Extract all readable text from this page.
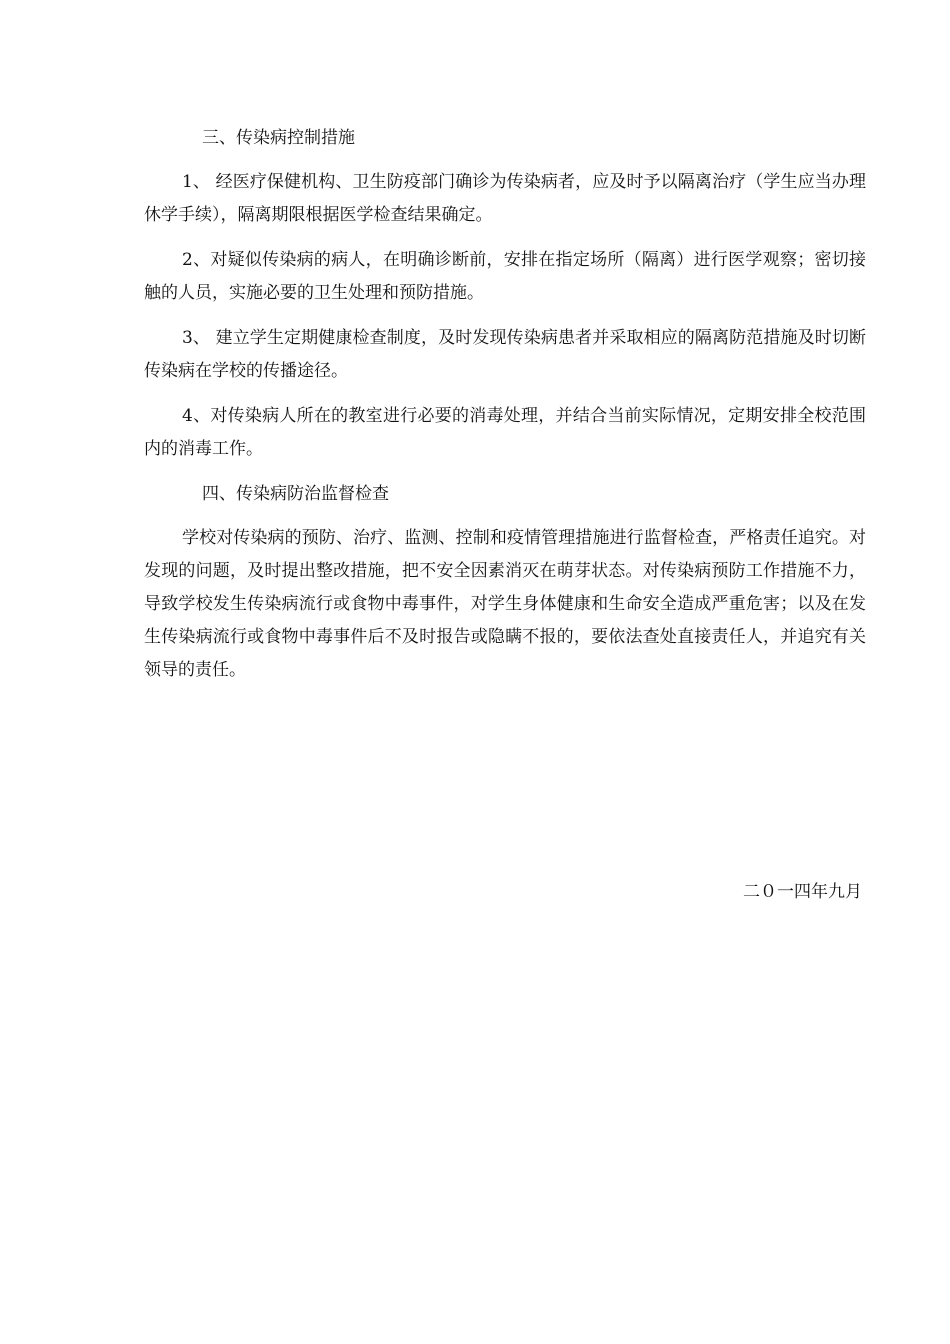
三、传染病控制措施

1、 经医疗保健机构、卫生防疫部门确诊为传染病者，应及时予以隔离治疗（学生应当办理休学手续），隔离期限根据医学检查结果确定。

2、对疑似传染病的病人，在明确诊断前，安排在指定场所（隔离）进行医学观察；密切接触的人员，实施必要的卫生处理和预防措施。

3、 建立学生定期健康检查制度，及时发现传染病患者并采取相应的隔离防范措施及时切断传染病在学校的传播途径。

4、对传染病人所在的教室进行必要的消毒处理，并结合当前实际情况，定期安排全校范围内的消毒工作。

四、传染病防治监督检查

学校对传染病的预防、治疗、监测、控制和疫情管理措施进行监督检查，严格责任追究。对发现的问题，及时提出整改措施，把不安全因素消灭在萌芽状态。对传染病预防工作措施不力，导致学校发生传染病流行或食物中毒事件，对学生身体健康和生命安全造成严重危害；以及在发生传染病流行或食物中毒事件后不及时报告或隐瞒不报的，要依法查处直接责任人，并追究有关领导的责任。

二０一四年九月
